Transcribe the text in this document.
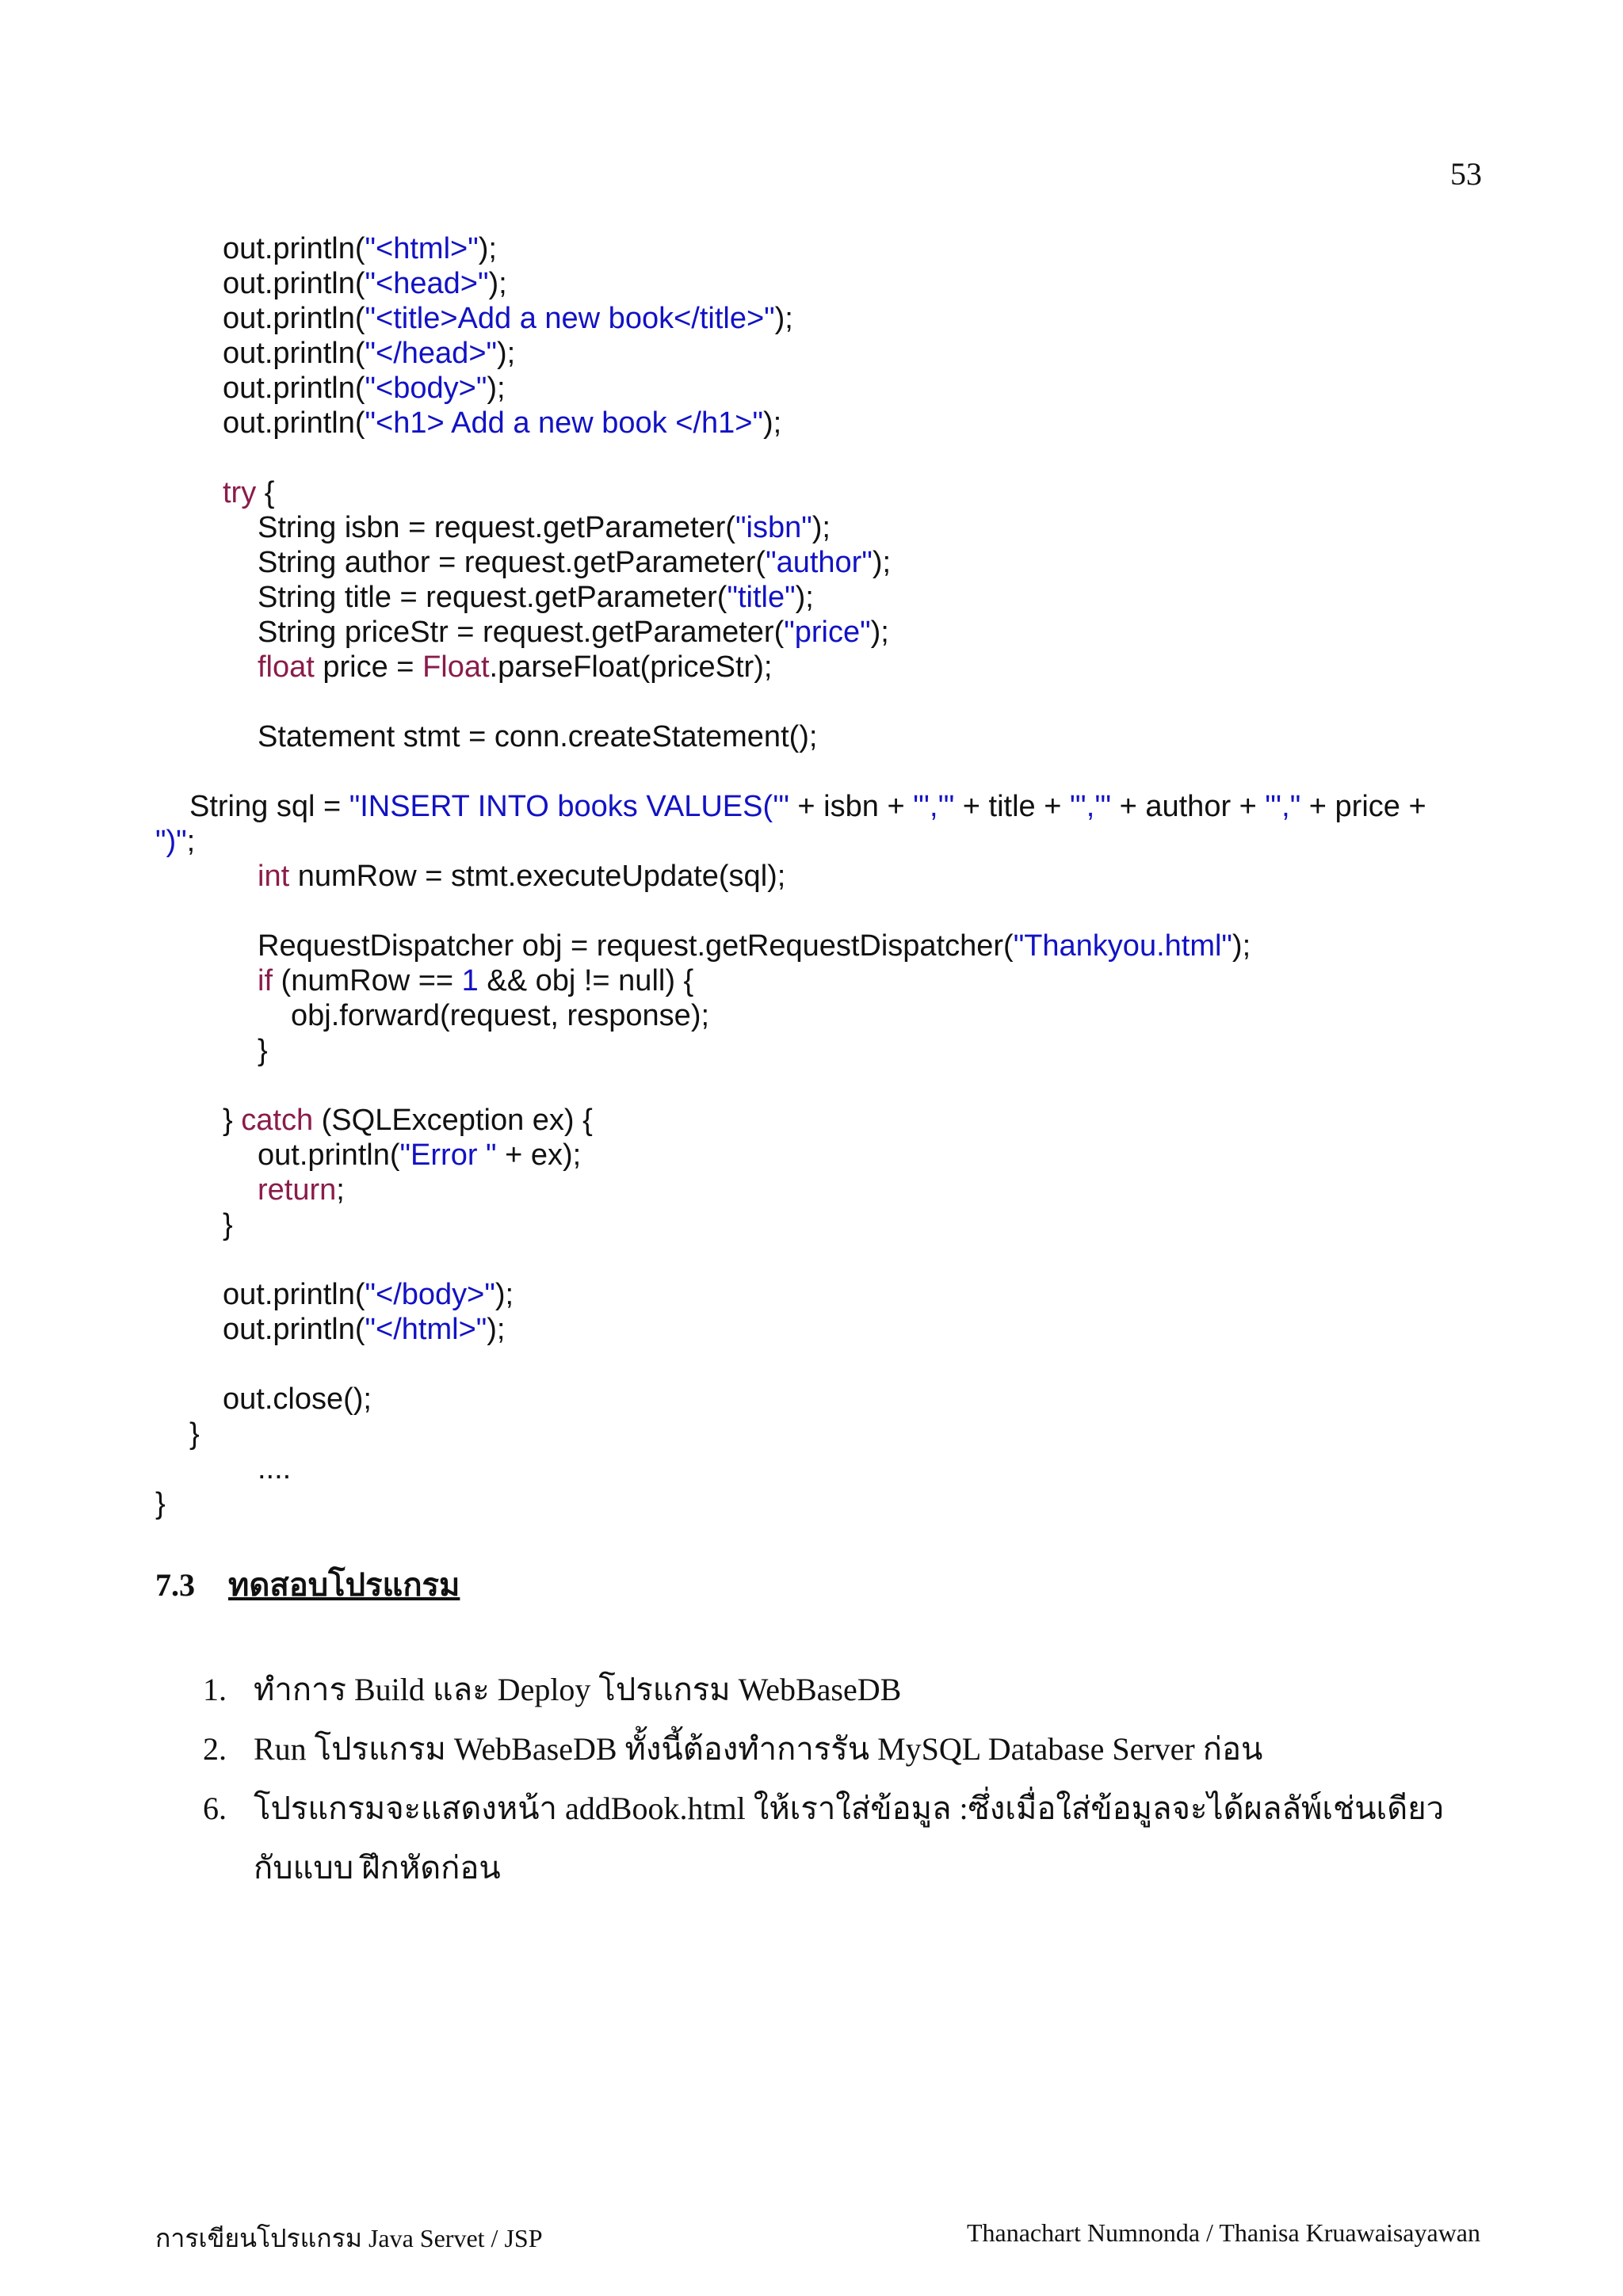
53
out.println("<html>");
out.println("<head>");
out.println("<title>Add a new book</title>");
out.println("</head>");
out.println("<body>");
out.println("<h1> Add a new book </h1>");
try {
String isbn = request.getParameter("isbn");
String author = request.getParameter("author");
String title = request.getParameter("title");
String priceStr = request.getParameter("price");
float price = Float.parseFloat(priceStr);
Statement stmt = conn.createStatement();
String sql = "INSERT INTO books VALUES('" + isbn + "','" + title + "','" + author + "'," + price +
")";
int numRow = stmt.executeUpdate(sql);
RequestDispatcher obj = request.getRequestDispatcher("Thankyou.html");
if (numRow == 1 && obj != null) {
obj.forward(request, response);
}
} catch (SQLException ex) {
out.println("Error " + ex);
return;
}
out.println("</body>");
out.println("</html>");
out.close();
}
....
}
7.3 ทดสอบโปรแกรม
1. ทำการ Build และ Deploy โปรแกรม WebBaseDB
2. Run โปรแกรม WebBaseDB ทั้งนี้ต้องทำการรัน MySQL Database Server ก่อน
6. โปรแกรมจะแสดงหน้า addBook.html ให้เราใส่ข้อมูล :ซึ่งเมื่อใส่ข้อมูลจะได้ผลลัพ์เช่นเดียวกับแบบ ฝึกหัดก่อน
การเขียนโปรแกรม Java Servet / JSP	Thanachart Numnonda / Thanisa Kruawaisayawan
